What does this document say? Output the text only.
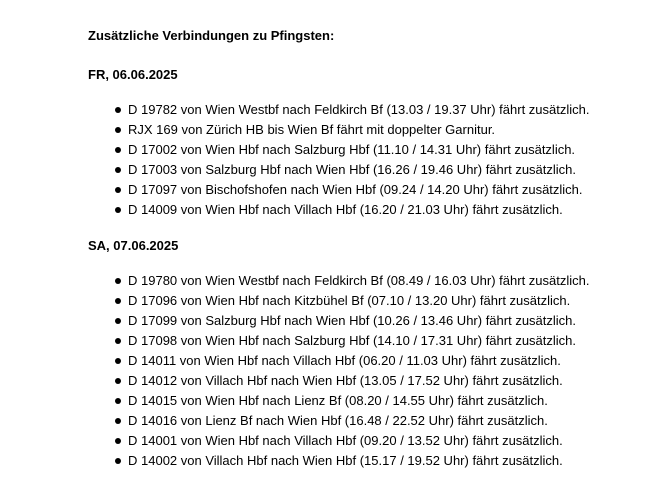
Zusätzliche Verbindungen zu Pfingsten:
FR, 06.06.2025
D 19782 von Wien Westbf nach Feldkirch Bf (13.03 / 19.37 Uhr) fährt zusätzlich.
RJX 169 von Zürich HB bis Wien Bf fährt mit doppelter Garnitur.
D 17002 von Wien Hbf nach Salzburg Hbf (11.10 / 14.31 Uhr) fährt zusätzlich.
D 17003 von Salzburg Hbf nach Wien Hbf (16.26 / 19.46 Uhr) fährt zusätzlich.
D 17097 von Bischofshofen nach Wien Hbf (09.24 / 14.20 Uhr) fährt zusätzlich.
D 14009 von Wien Hbf nach Villach Hbf (16.20 / 21.03 Uhr) fährt zusätzlich.
SA, 07.06.2025
D 19780 von Wien Westbf nach Feldkirch Bf (08.49 / 16.03 Uhr) fährt zusätzlich.
D 17096 von Wien Hbf nach Kitzbühel Bf (07.10 / 13.20 Uhr) fährt zusätzlich.
D 17099 von Salzburg Hbf nach Wien Hbf (10.26 / 13.46 Uhr) fährt zusätzlich.
D 17098 von Wien Hbf nach Salzburg Hbf (14.10 / 17.31 Uhr) fährt zusätzlich.
D 14011 von Wien Hbf nach Villach Hbf (06.20 / 11.03 Uhr) fährt zusätzlich.
D 14012 von Villach Hbf nach Wien Hbf (13.05 / 17.52 Uhr) fährt zusätzlich.
D 14015 von Wien Hbf nach Lienz Bf (08.20 / 14.55 Uhr) fährt zusätzlich.
D 14016 von Lienz Bf nach Wien Hbf (16.48 / 22.52 Uhr) fährt zusätzlich.
D 14001 von Wien Hbf nach Villach Hbf (09.20 / 13.52 Uhr) fährt zusätzlich.
D 14002 von Villach Hbf nach Wien Hbf (15.17 / 19.52 Uhr) fährt zusätzlich.
